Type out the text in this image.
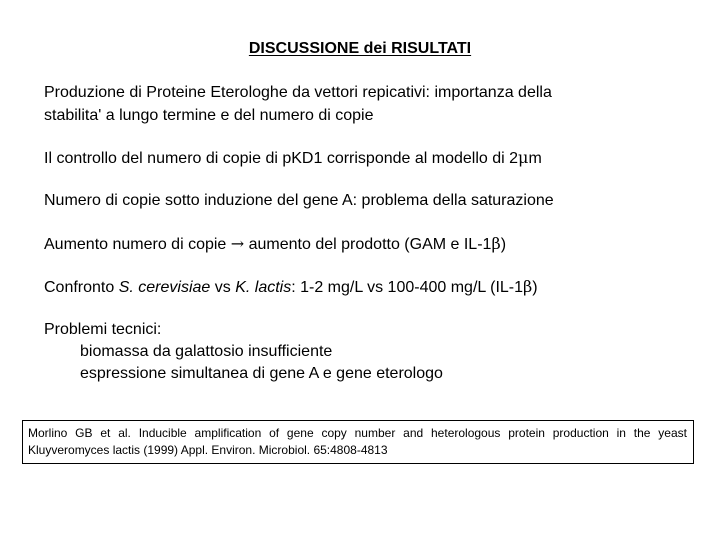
DISCUSSIONE dei RISULTATI

Produzione di Proteine Eterologhe da vettori repicativi: importanza della

stabilita' a lungo termine e del numero di copie

Il controllo del numero di copie di pKD1 corrisponde al modello di 2μm

Numero di copie sotto induzione del gene A: problema della saturazione

Aumento numero di copie → aumento del prodotto (GAM e IL-1β)

Confronto S. cerevisiae vs K. lactis: 1-2 mg/L vs 100-400 mg/L (IL-1β)

Problemi tecnici:

biomassa da galattosio insufficiente

espressione simultanea di gene A e gene eterologo

Morlino GB et al. Inducible amplification of gene copy number and heterologous protein production in the yeast Kluyveromyces lactis (1999) Appl. Environ. Microbiol. 65:4808-4813
